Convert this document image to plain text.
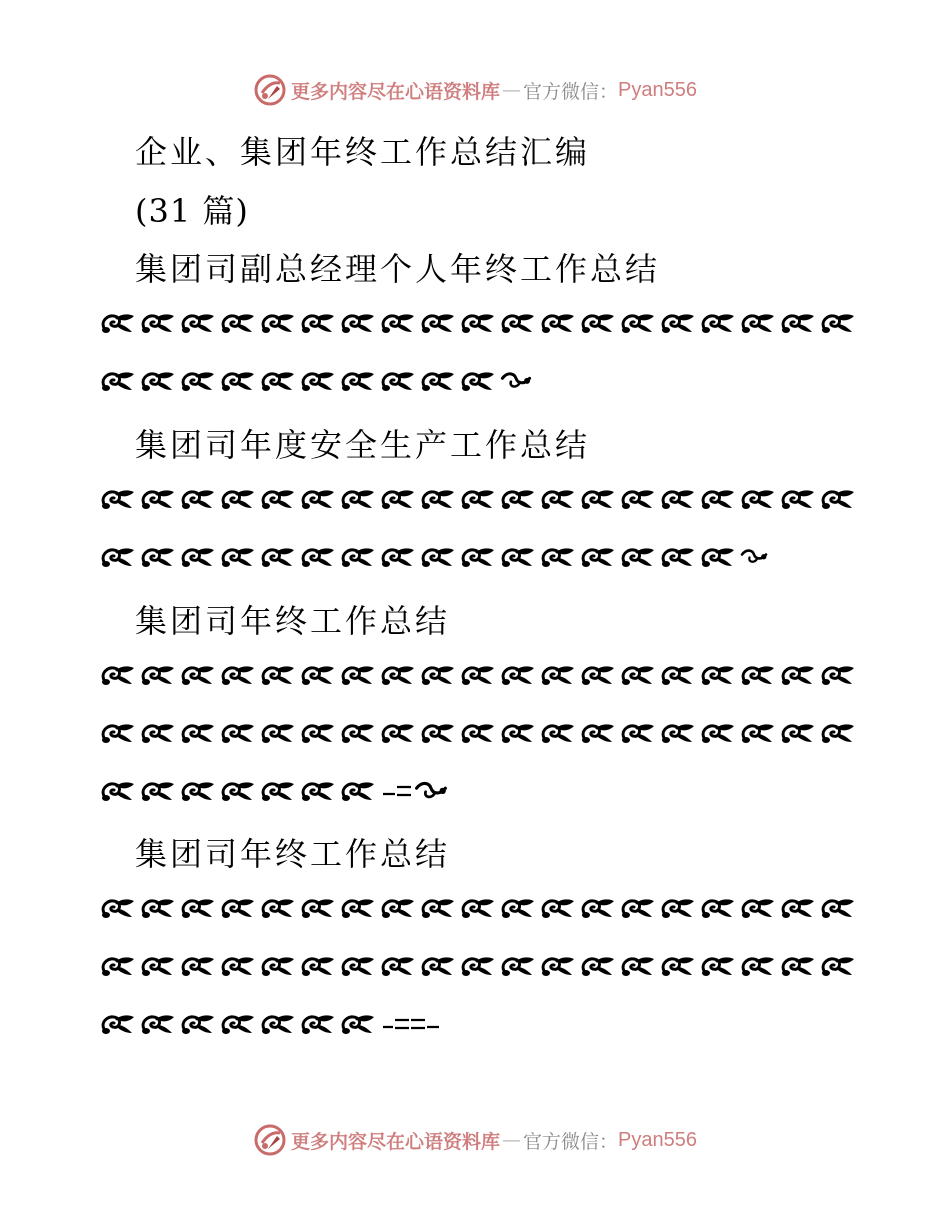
更多内容尽在心语资料库 — 官方微信： Pyan556
企业、集团年终工作总结汇编
(31 篇)
集团司副总经理个人年终工作总结
集团司年度安全生产工作总结
集团司年终工作总结
集团司年终工作总结
更多内容尽在心语资料库 — 官方微信： Pyan556
